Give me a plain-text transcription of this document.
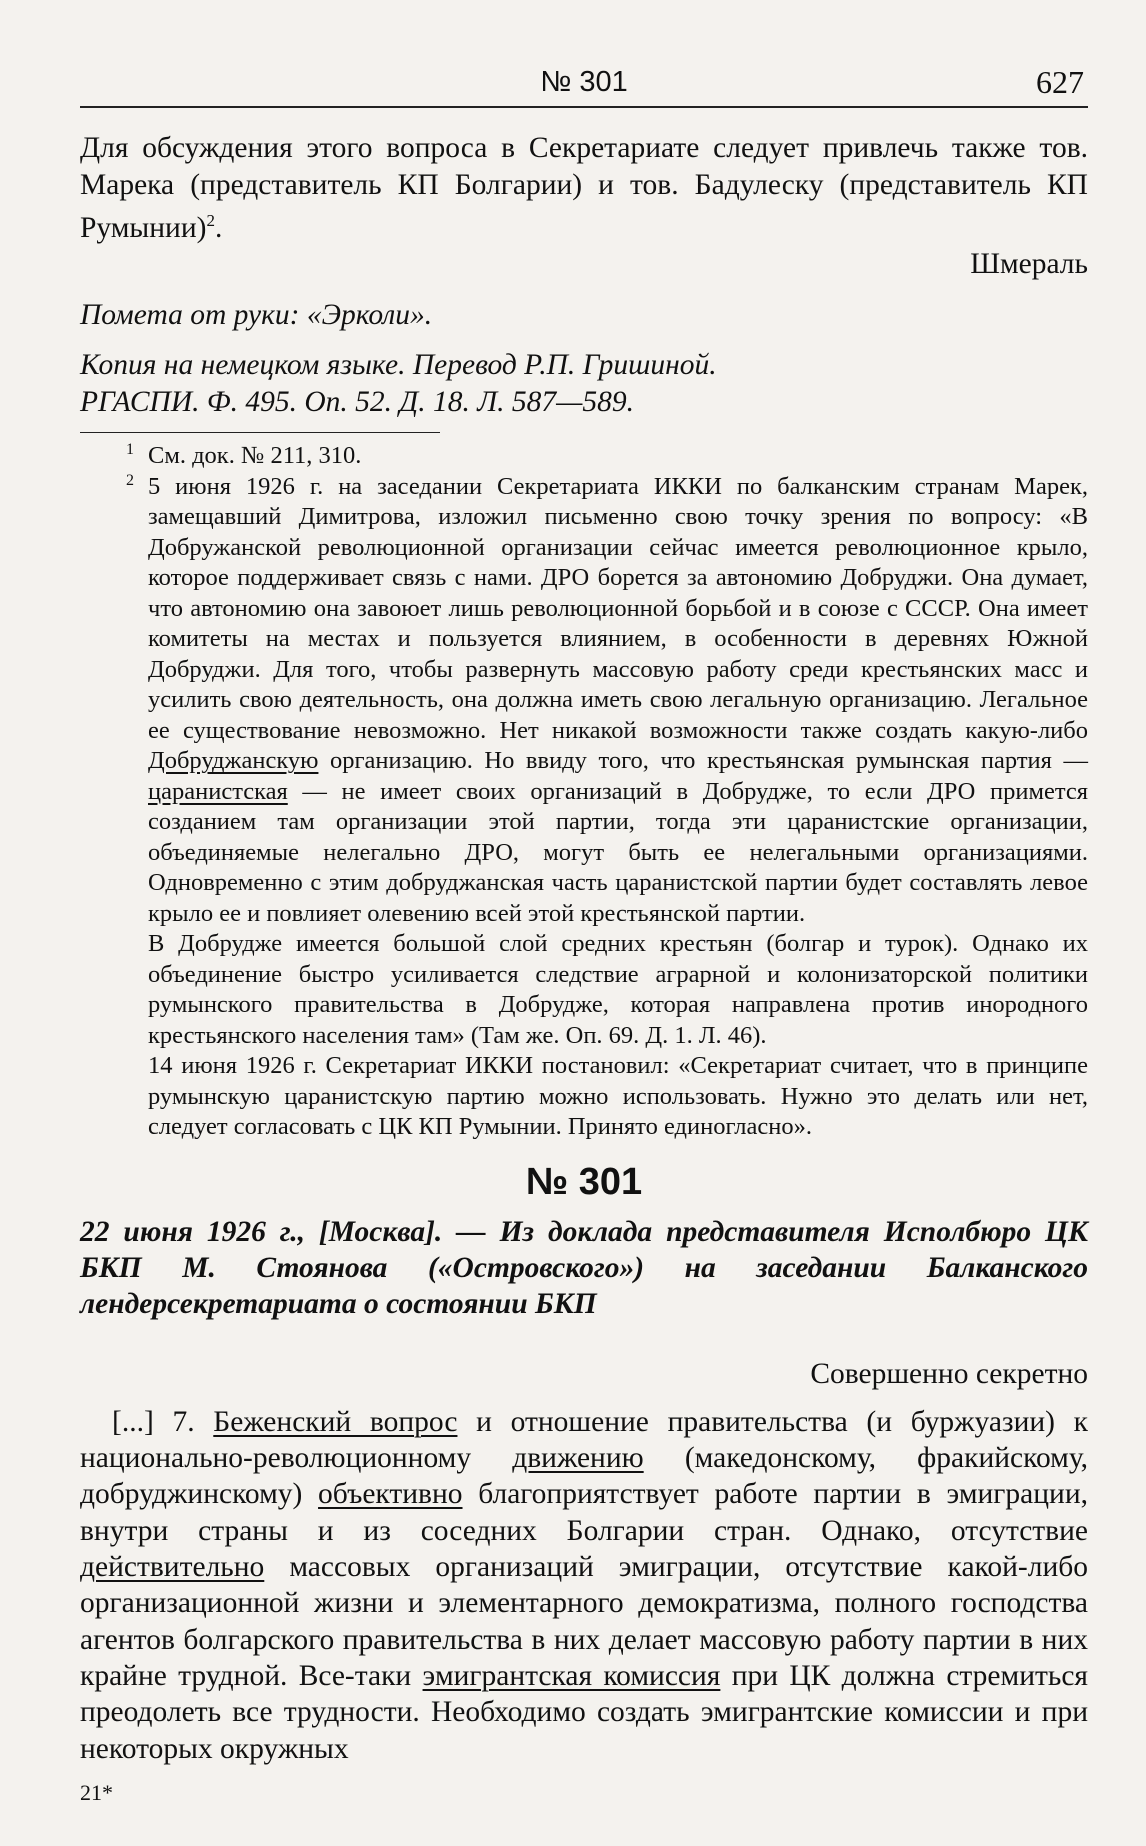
№ 301	627

Для обсуждения этого вопроса в Секретариате следует привлечь также тов. Марека (представитель КП Болгарии) и тов. Бадулеску (представитель КП Румынии)$^2$.

Шмераль

Помета от руки: «Эрколи».

Копия на немецком языке. Перевод Р.П. Гришиной.

РГАСПИ. Ф. 495. Оп. 52. Д. 18. Л. 587—589.

1 См. док. № 211, 310.

2 5 июня 1926 г. на заседании Секретариата ИККИ по балканским странам Марек, замещавший Димитрова, изложил письменно свою точку зрения по вопросу: «В Добружанской революционной организации сейчас имеется революционное крыло, которое поддерживает связь с нами. ДРО борется за автономию Добруджи. Она думает, что автономию она завоюет лишь революционной борьбой и в союзе с СССР. Она имеет комитеты на местах и пользуется влиянием, в особенности в деревнях Южной Добруджи. Для того, чтобы развернуть массовую работу среди крестьянских масс и усилить свою деятельность, она должна иметь свою легальную организацию. Легальное ее существование невозможно. Нет никакой возможности также создать какую-либо Добруджанскую организацию. Но ввиду того, что крестьянская румынская партия — царанистская — не имеет своих организаций в Добрудже, то если ДРО примется созданием там организации этой партии, тогда эти царанистские организации, объединяемые нелегально ДРО, могут быть ее нелегальными организациями. Одновременно с этим добруджанская часть царанистской партии будет составлять левое крыло ее и повлияет олевению всей этой крестьянской партии.

В Добрудже имеется большой слой средних крестьян (болгар и турок). Однако их объединение быстро усиливается следствие аграрной и колонизаторской политики румынского правительства в Добрудже, которая направлена против инородного крестьянского населения там» (Там же. Оп. 69. Д. 1. Л. 46).

14 июня 1926 г. Секретариат ИККИ постановил: «Секретариат считает, что в принципе румынскую царанистскую партию можно использовать. Нужно это делать или нет, следует согласовать с ЦК КП Румынии. Принято единогласно».

№ 301

22 июня 1926 г., [Москва]. — Из доклада представителя Исполбюро ЦК БКП М. Стоянова («Островского») на заседании Балканского лендерсекретариата о состоянии БКП

Совершенно секретно

[...] 7. Беженский вопрос и отношение правительства (и буржуазии) к национально-революционному движению (македонскому, фракийскому, добруджинскому) объективно благоприятствует работе партии в эмиграции, внутри страны и из соседних Болгарии стран. Однако, отсутствие действительно массовых организаций эмиграции, отсутствие какой-либо организационной жизни и элементарного демократизма, полного господства агентов болгарского правительства в них делает массовую работу партии в них крайне трудной. Все-таки эмигрантская комиссия при ЦК должна стремиться преодолеть все трудности. Необходимо создать эмигрантские комиссии и при некоторых окружных

21*
